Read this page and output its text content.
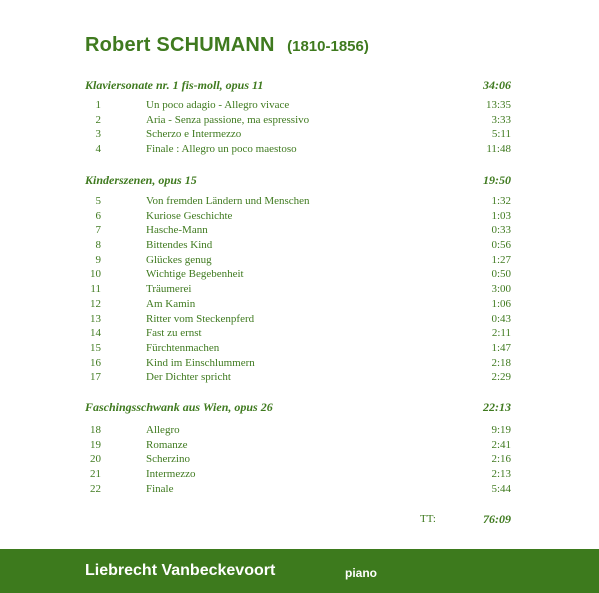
Robert SCHUMANN (1810-1856)
Klaviersonate nr. 1 fis-moll, opus 11	34:06
1	Un poco adagio - Allegro vivace	13:35
2	Aria - Senza passione, ma espressivo	3:33
3	Scherzo e Intermezzo	5:11
4	Finale : Allegro un poco maestoso	11:48
Kinderszenen, opus 15	19:50
5	Von fremden Ländern und Menschen	1:32
6	Kuriose Geschichte	1:03
7	Hasche-Mann	0:33
8	Bittendes Kind	0:56
9	Glückes genug	1:27
10	Wichtige Begebenheit	0:50
11	Träumerei	3:00
12	Am Kamin	1:06
13	Ritter vom Steckenpferd	0:43
14	Fast zu ernst	2:11
15	Fürchtenmachen	1:47
16	Kind im Einschlummern	2:18
17	Der Dichter spricht	2:29
Faschingsschwank aus Wien, opus 26	22:13
18	Allegro	9:19
19	Romanze	2:41
20	Scherzino	2:16
21	Intermezzo	2:13
22	Finale	5:44
TT:	76:09
Liebrecht Vanbeckevoort	piano
